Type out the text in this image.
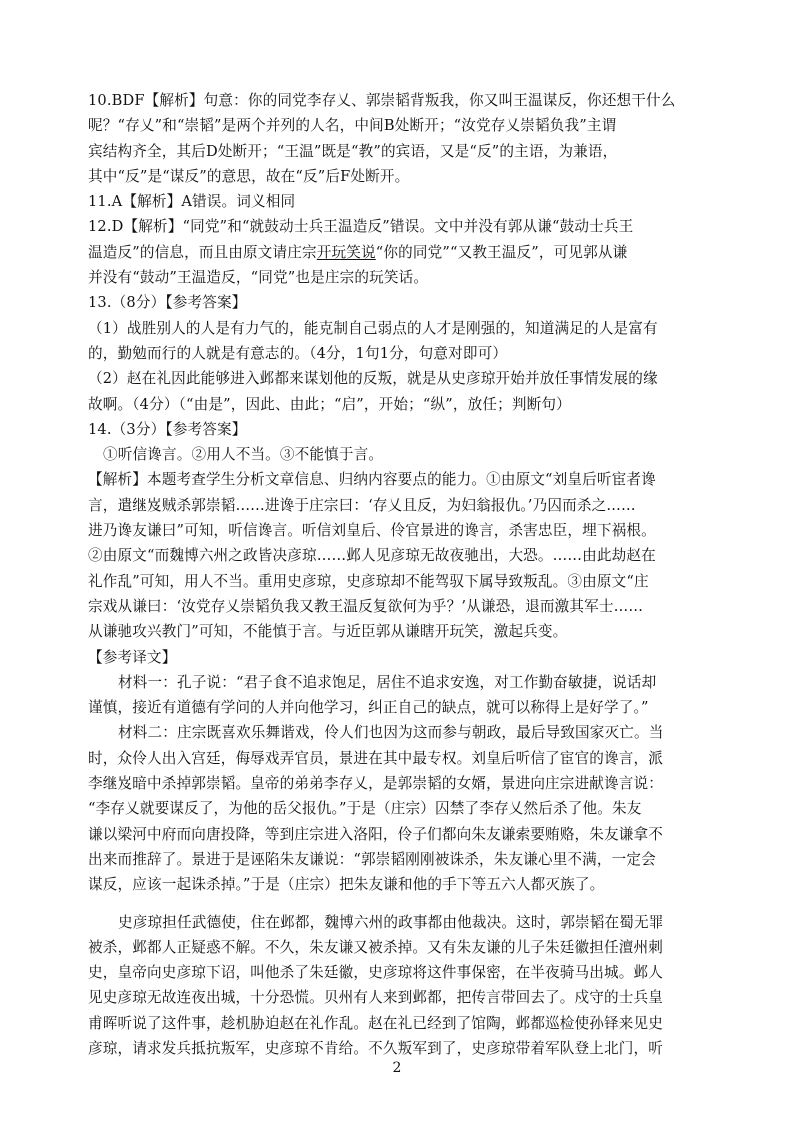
10.BDF【解析】句意：你的同党李存乂、郭崇韬背叛我，你又叫王温谋反，你还想干什么
呢？“存乂”和“崇韬”是两个并列的人名，中间B处断开；“汝党存乂崇韬负我”主谓
宾结构齐全，其后D处断开；“王温”既是“教”的宾语，又是“反”的主语，为兼语，
其中“反”是“谋反”的意思，故在“反”后F处断开。
11.A【解析】A错误。词义相同
12.D【解析】“同党”和“就鼓动士兵王温造反”错误。文中并没有郭从谦“鼓动士兵王
温造反”的信息，而且由原文请庄宗开玩笑说“你的同党”“又教王温反”，可见郭从谦
并没有“鼓动”王温造反，“同党”也是庄宗的玩笑话。
13.（8分）【参考答案】
（1）战胜别人的人是有力气的，能克制自己弱点的人才是刚强的，知道满足的人是富有
的，勤勉而行的人就是有意志的。（4分，1句1分，句意对即可）
（2）赵在礼因此能够进入邺都来谋划他的反叛，就是从史彦琼开始并放任事情发展的缘
故啊。（4分）（“由是”，因此、由此；“启”，开始；“纵”，放任；判断句）
14.（3分）【参考答案】
①听信谗言。②用人不当。③不能慎于言。
【解析】本题考查学生分析文章信息、归纳内容要点的能力。①由原文“刘皇后听宦者谗
言，遣继岌贼杀郭崇韬……进谗于庄宗曰：‘存乂且反，为妇翁报仇。’乃囚而杀之……
进乃谗友谦曰”可知，听信谗言。听信刘皇后、伶官景进的谗言，杀害忠臣，埋下祸根。
②由原文“而魏博六州之政皆决彦琼……邺人见彦琼无故夜驰出，大恐。……由此劫赵在
礼作乱”可知，用人不当。重用史彦琼，史彦琼却不能驾驭下属导致叛乱。③由原文“庄
宗戏从谦曰：‘汝党存乂崇韬负我又教王温反复欲何为乎？’从谦恐，退而激其军士……
从谦驰攻兴教门”可知，不能慎于言。与近臣郭从谦瞎开玩笑，激起兵变。
【参考译文】
材料一：孔子说：“君子食不追求饱足，居住不追求安逸，对工作勤奋敏捷，说话却
谨慎，接近有道德有学问的人并向他学习，纠正自己的缺点，就可以称得上是好学了。”
材料二：庄宗既喜欢乐舞谐戏，伶人们也因为这而参与朝政，最后导致国家灭亡。当
时，众伶人出入宫廷，侮辱戏弄官员，景进在其中最专权。刘皇后听信了宦官的谗言，派
李继岌暗中杀掉郭崇韬。皇帝的弟弟李存乂，是郭崇韬的女婿，景进向庄宗进献谗言说：
“李存乂就要谋反了，为他的岳父报仇。”于是（庄宗）囚禁了李存乂然后杀了他。朱友
谦以梁河中府而向唐投降，等到庄宗进入洛阳，伶子们都向朱友谦索要贿赂，朱友谦拿不
出来而推辞了。景进于是诬陷朱友谦说：“郭崇韬刚刚被诛杀，朱友谦心里不满，一定会
谋反，应该一起诛杀掉。”于是（庄宗）把朱友谦和他的手下等五六人都灭族了。
史彦琼担任武德使，住在邺都，魏博六州的政事都由他裁决。这时，郭崇韬在蜀无罪
被杀，邺都人正疑惑不解。不久，朱友谦又被杀掉。又有朱友谦的儿子朱廷徽担任澶州刺
史，皇帝向史彦琼下诏，叫他杀了朱廷徽，史彦琼将这件事保密，在半夜骑马出城。邺人
见史彦琼无故连夜出城，十分恐慌。贝州有人来到邺都，把传言带回去了。戍守的士兵皇
甫晖听说了这件事，趁机胁迫赵在礼作乱。赵在礼已经到了馆陶，邺都巡检使孙铎来见史
彦琼，请求发兵抵抗叛军，史彦琼不肯给。不久叛军到了，史彦琼带着军队登上北门，听
2
